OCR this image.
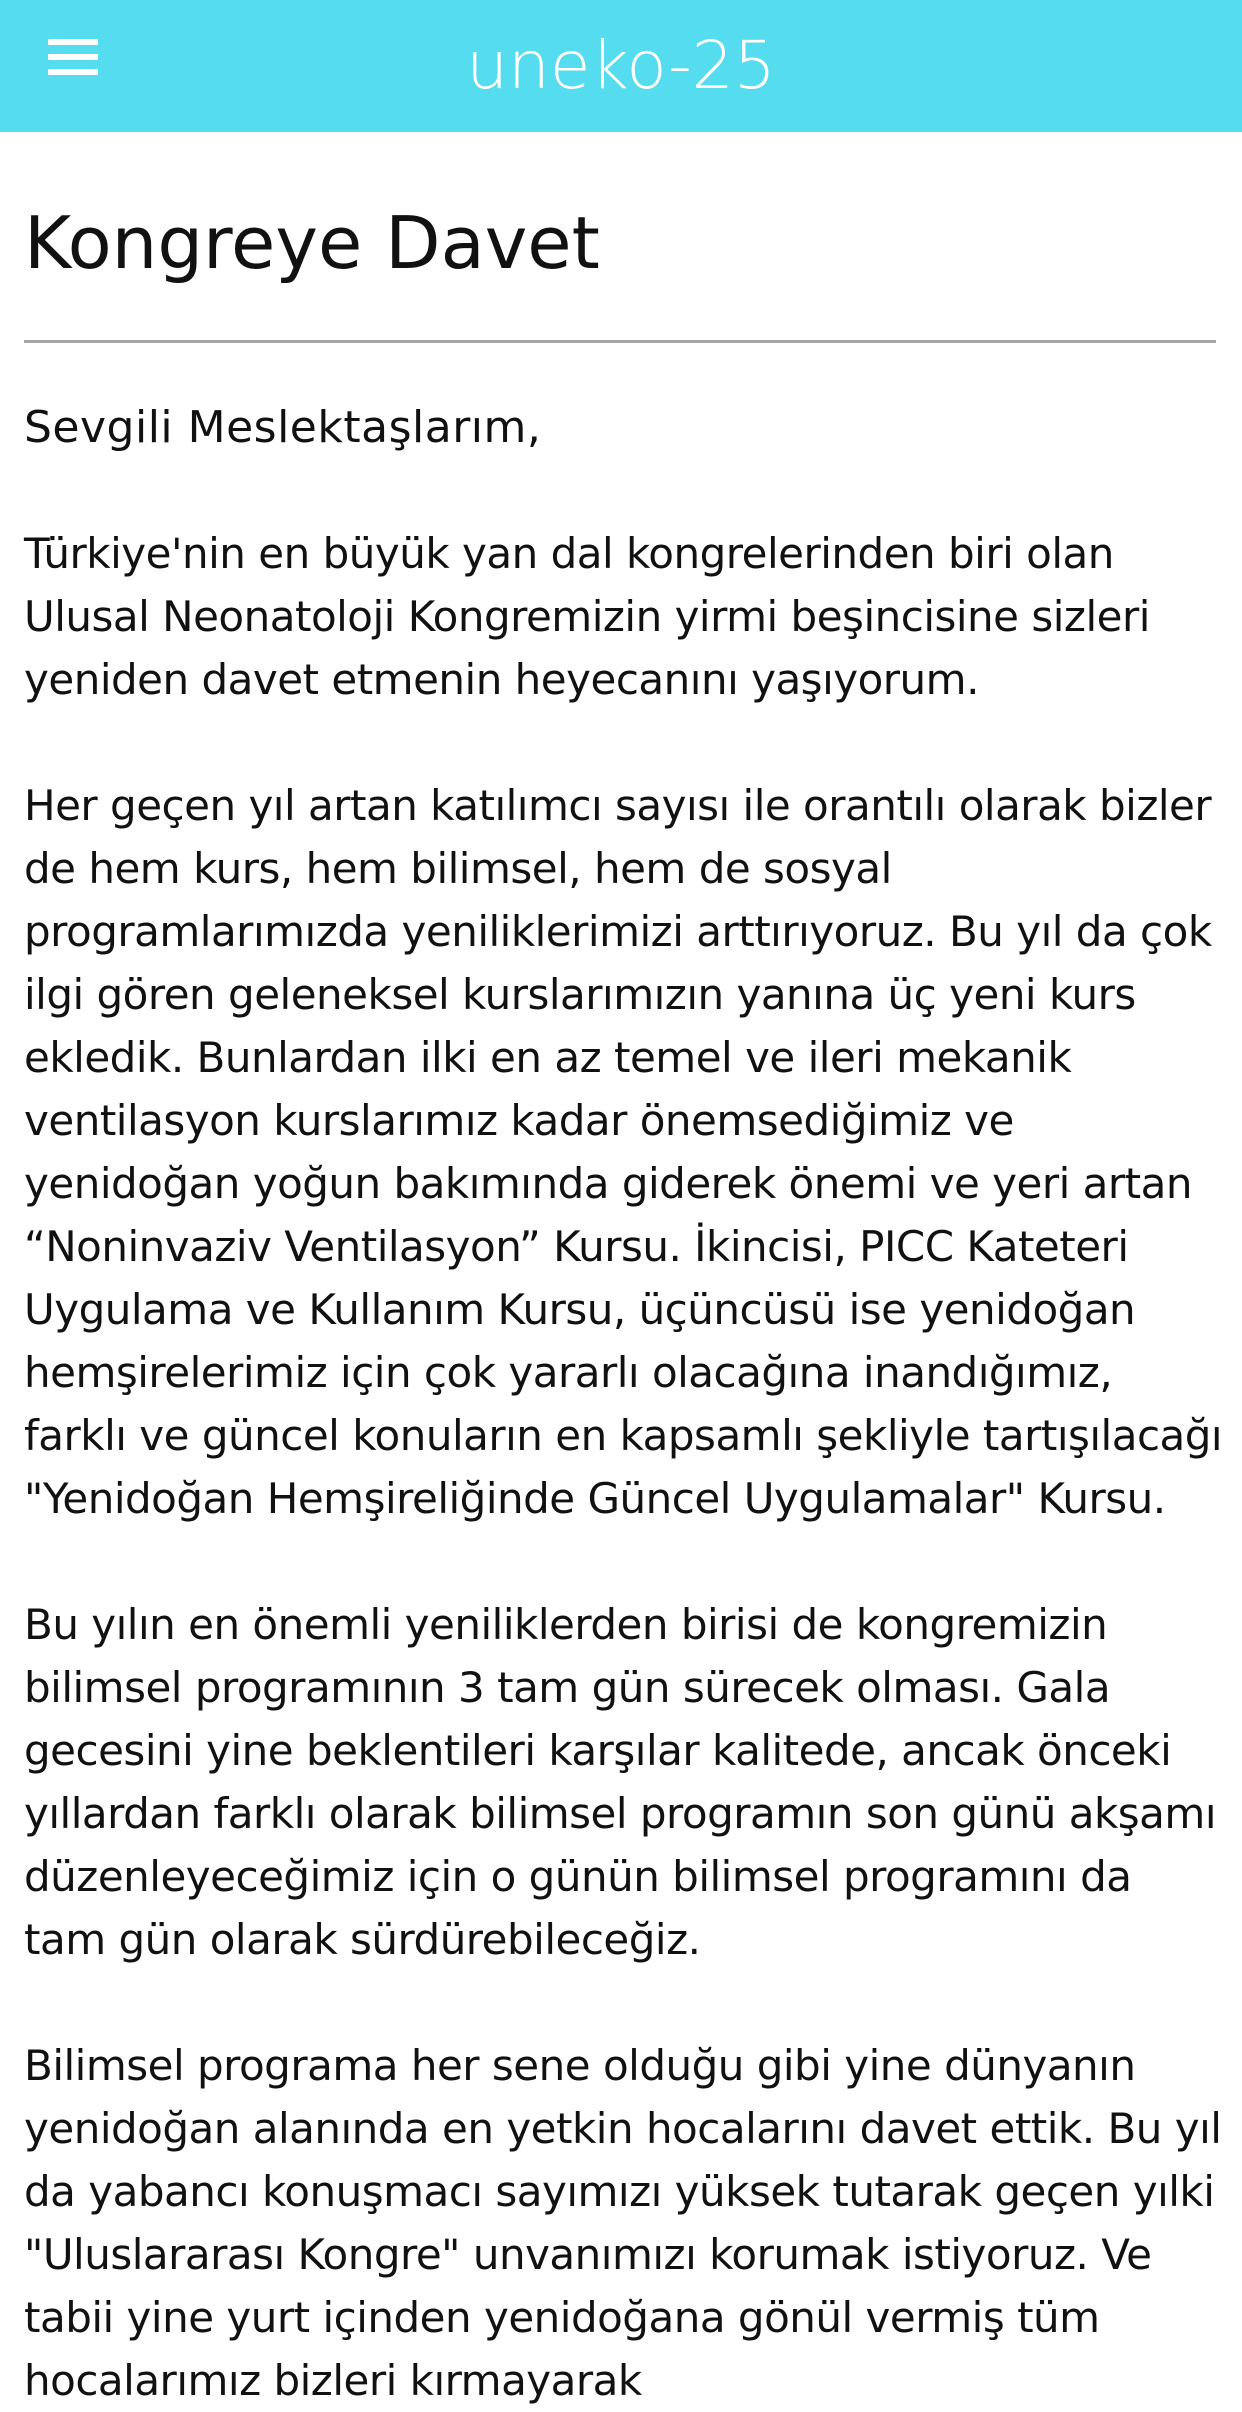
uneko-25
Kongreye Davet

Sevgili Meslektaşlarım,

Türkiye'nin en büyük yan dal kongrelerinden biri olan Ulusal Neonatoloji Kongremizin yirmi beşincisine sizleri yeniden davet etmenin heyecanını yaşıyorum.

Her geçen yıl artan katılımcı sayısı ile orantılı olarak bizler de hem kurs, hem bilimsel, hem de sosyal programlarımızda yeniliklerimizi arttırıyoruz. Bu yıl da çok ilgi gören geleneksel kurslarımızın yanına üç yeni kurs ekledik. Bunlardan ilki en az temel ve ileri mekanik ventilasyon kurslarımız kadar önemsediğimiz ve yenidoğan yoğun bakımında giderek önemi ve yeri artan “Noninvaziv Ventilasyon” Kursu. İkincisi, PICC Kateteri Uygulama ve Kullanım Kursu, üçüncüsü ise yenidoğan hemşirelerimiz için çok yararlı olacağına inandığımız, farklı ve güncel konuların en kapsamlı şekliyle tartışılacağı "Yenidoğan Hemşireliğinde Güncel Uygulamalar" Kursu.

Bu yılın en önemli yeniliklerden birisi de kongremizin bilimsel programının 3 tam gün sürecek olması. Gala gecesini yine beklentileri karşılar kalitede, ancak önceki yıllardan farklı olarak bilimsel programın son günü akşamı düzenleyeceğimiz için o günün bilimsel programını da tam gün olarak sürdürebileceğiz.

Bilimsel programa her sene olduğu gibi yine dünyanın yenidoğan alanında en yetkin hocalarını davet ettik. Bu yıl da yabancı konuşmacı sayımızı yüksek tutarak geçen yılki "Uluslararası Kongre" unvanımızı korumak istiyoruz. Ve tabii yine yurt içinden yenidoğana gönül vermiş tüm hocalarımız bizleri kırmayarak
